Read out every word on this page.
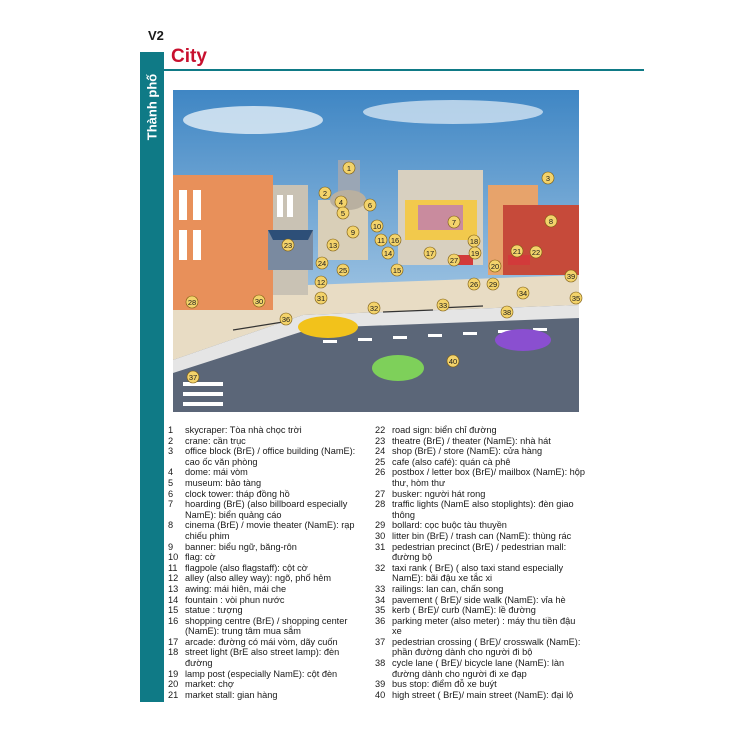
V2
Thành phố
City
1
2
3
4
5
6
7	8
9
10
11
12
13
14
15
16
17
18
19
20
21 22
23
24
25
26
27
28
29
30	31
32	33
34
35
36
37
38
39
40
1	skycraper: Tòa nhà chọc trời
2	crane: cần trục
3	office block (BrE) / office building (NamE): cao ốc văn phòng
4	dome: mái vòm
5	museum: bảo tàng
6	clock tower: tháp đồng hồ
7	hoarding (BrE) (also billboard especially NamE): biển quảng cáo
8	cinema (BrE) / movie theater (NamE): rạp chiếu phim
9	banner: biểu ngữ, băng-rôn
10 flag: cờ
11 flagpole (also flagstaff): cột cờ
12 alley (also alley way): ngõ, phố hẻm
13 awing: mái hiên, mái che
14 fountain : vòi phun nước
15 statue : tượng
16 shopping centre (BrE) / shopping center (NamE): trung tâm mua sắm
17 arcade: đường có mái vòm, dãy cuốn
18 street light (BrE also street lamp): đèn đường
19 lamp post (especially NamE): cột đèn
20 market: chợ
21 market stall: gian hàng
22 road sign: biển chỉ đường
23 theatre (BrE) / theater (NamE): nhà hát
24 shop (BrE) / store (NamE): cửa hàng
25 cafe (also café): quán cà phê
26 postbox / letter box (BrE)/ mailbox (NamE): hộp thư, hòm thư
27 busker: người hát rong
28 traffic lights (NamE also stoplights): đèn giao thông
29 bollard: cọc buộc tàu thuyền
30 litter bin (BrE) / trash can (NamE): thùng rác
31 pedestrian precinct (BrE) / pedestrian mall: đường bộ
32 taxi rank ( BrE) ( also taxi stand especially NamE): bãi đậu xe tắc xi
33 railings: lan can, chấn song
34 pavement ( BrE)/ side walk (NamE): vỉa hè
35 kerb ( BrE)/ curb (NamE): lề đường
36 parking meter (also meter) : máy thu tiền đậu xe
37 pedestrian crossing ( BrE)/ crosswalk (NamE): phần đường dành cho người đi bộ
38 cycle lane ( BrE)/ bicycle lane (NamE): làn đường dành cho người đi xe đạp
39 bus stop: điểm đỗ xe buýt
40 high street ( BrE)/ main street (NamE): đại lộ
